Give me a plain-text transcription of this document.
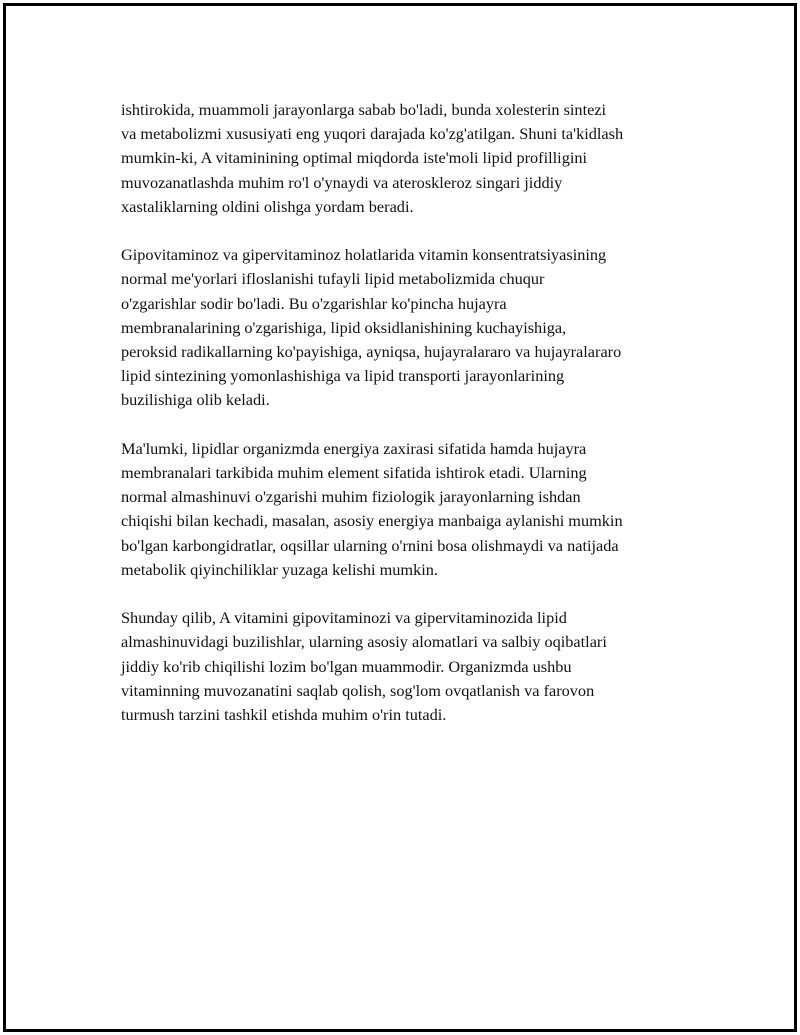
ishtirokida, muammoli jarayonlarga sabab bo'ladi, bunda xolesterin sintezi
va metabolizmi xususiyati eng yuqori darajada ko'zg'atilgan. Shuni ta'kidlash
mumkin-ki, A vitaminining optimal miqdorda iste'moli lipid profilligini
muvozanatlashda muhim ro'l o'ynaydi va ateroskleroz singari jiddiy
xastaliklarning oldini olishga yordam beradi.
Gipovitaminoz va gipervitaminoz holatlarida vitamin konsentratsiyasining
normal me'yorlari ifloslanishi tufayli lipid metabolizmida chuqur
o'zgarishlar sodir bo'ladi. Bu o'zgarishlar ko'pincha hujayra
membranalarining o'zgarishiga, lipid oksidlanishining kuchayishiga,
peroksid radikallarning ko'payishiga, ayniqsa, hujayralararo va hujayralararo
lipid sintezining yomonlashishiga va lipid transporti jarayonlarining
buzilishiga olib keladi.
Ma'lumki, lipidlar organizmda energiya zaxirasi sifatida hamda hujayra
membranalari tarkibida muhim element sifatida ishtirok etadi. Ularning
normal almashinuvi o'zgarishi muhim fiziologik jarayonlarning ishdan
chiqishi bilan kechadi, masalan, asosiy energiya manbaiga aylanishi mumkin
bo'lgan karbongidratlar, oqsillar ularning o'rnini bosa olishmaydi va natijada
metabolik qiyinchiliklar yuzaga kelishi mumkin.
Shunday qilib, A vitamini gipovitaminozi va gipervitaminozida lipid
almashinuvidagi buzilishlar, ularning asosiy alomatlari va salbiy oqibatlari
jiddiy ko'rib chiqilishi lozim bo'lgan muammodir. Organizmda ushbu
vitaminning muvozanatini saqlab qolish, sog'lom ovqatlanish va farovon
turmush tarzini tashkil etishda muhim o'rin tutadi.
